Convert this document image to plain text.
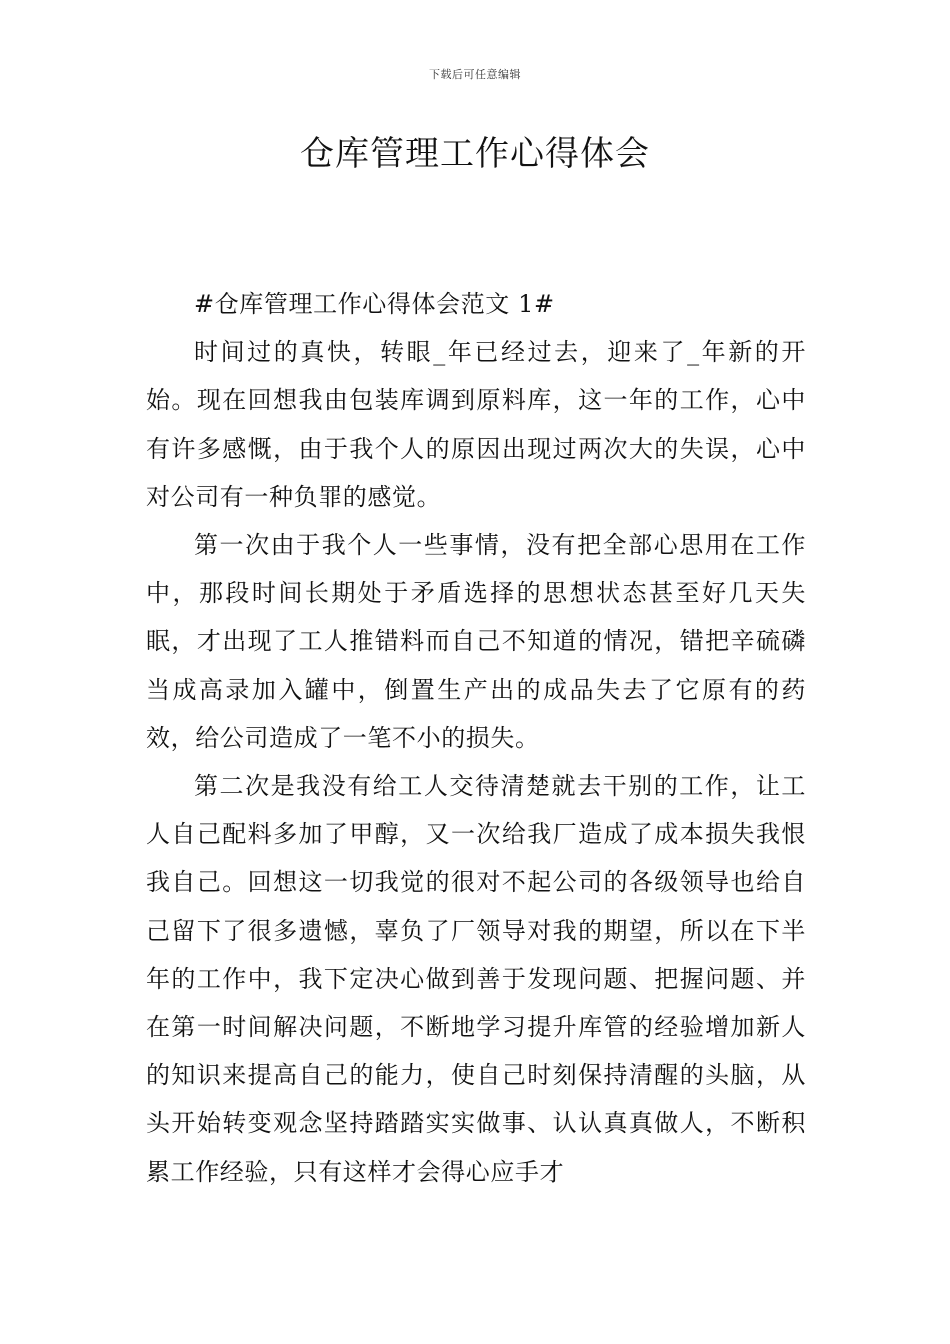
下载后可任意编辑
仓库管理工作心得体会

#仓库管理工作心得体会范文 1#

时间过的真快，转眼_年已经过去，迎来了_年新的开始。现在回想我由包装库调到原料库，这一年的工作，心中有许多感慨，由于我个人的原因出现过两次大的失误，心中对公司有一种负罪的感觉。

第一次由于我个人一些事情，没有把全部心思用在工作中，那段时间长期处于矛盾选择的思想状态甚至好几天失眠，才出现了工人推错料而自己不知道的情况，错把辛硫磷当成高录加入罐中，倒置生产出的成品失去了它原有的药效，给公司造成了一笔不小的损失。

第二次是我没有给工人交待清楚就去干别的工作，让工人自己配料多加了甲醇，又一次给我厂造成了成本损失我恨我自己。回想这一切我觉的很对不起公司的各级领导也给自己留下了很多遗憾，辜负了厂领导对我的期望，所以在下半年的工作中，我下定决心做到善于发现问题、把握问题、并在第一时间解决问题，不断地学习提升库管的经验增加新人的知识来提高自己的能力，使自己时刻保持清醒的头脑，从头开始转变观念坚持踏踏实实做事、认认真真做人，不断积累工作经验，只有这样才会得心应手才
